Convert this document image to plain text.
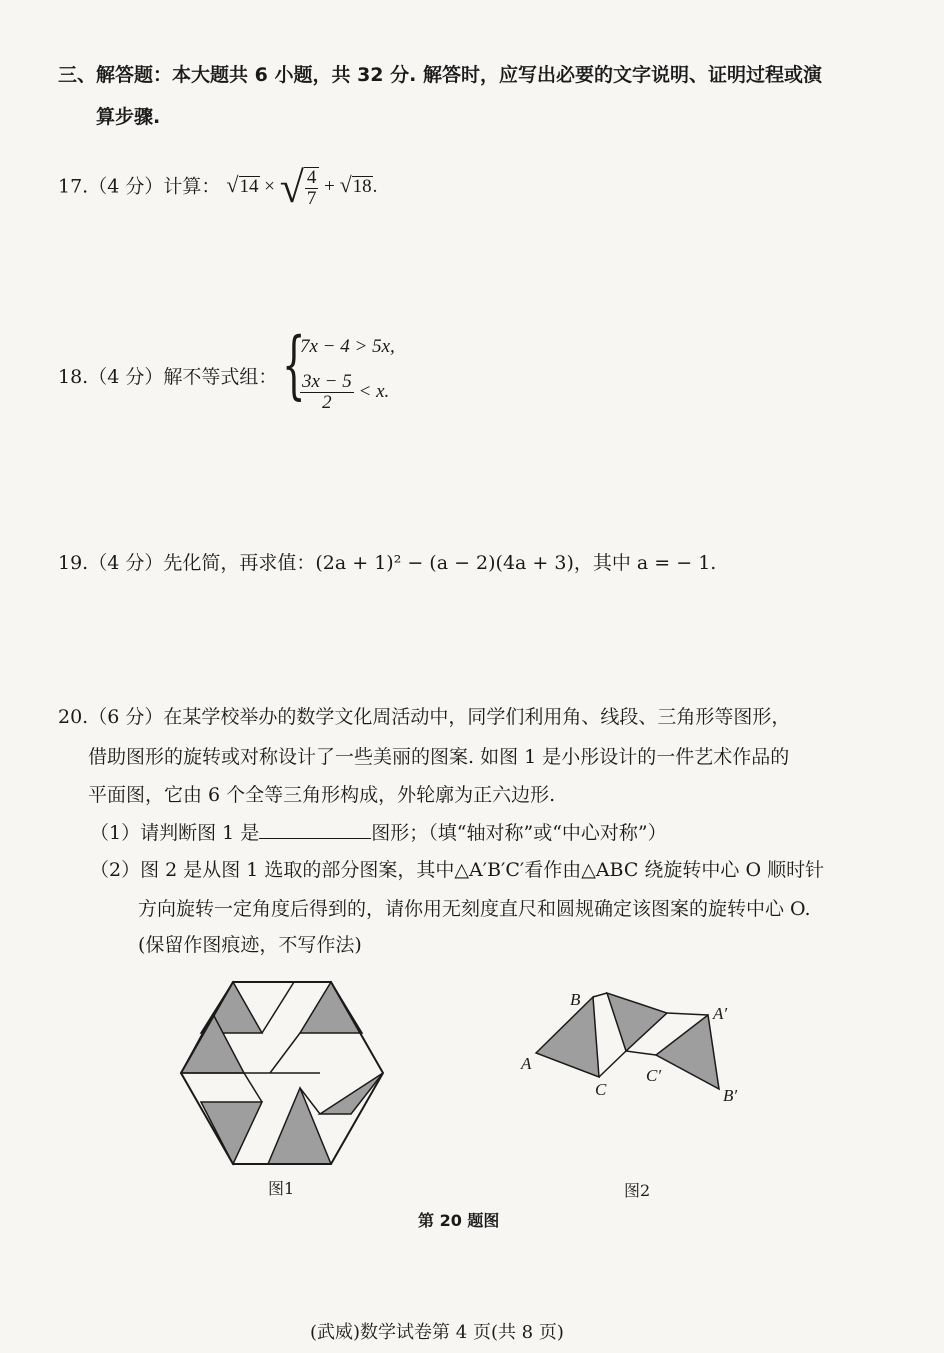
三、解答题：本大题共 6 小题，共 32 分. 解答时，应写出必要的文字说明、证明过程或演
算步骤.
17.（4 分）计算： √14 × √ $\frac{4}{7} + √18$.
18.（4 分）解不等式组： {
7x − 4 > 5x,
$\frac{3x - 5}{2} < x$.
19.（4 分）先化简，再求值：(2a + 1)² − (a − 2)(4a + 3)，其中 a = − 1.
20.（6 分）在某学校举办的数学文化周活动中，同学们利用角、线段、三角形等图形，
借助图形的旋转或对称设计了一些美丽的图案. 如图 1 是小彤设计的一件艺术作品的
平面图，它由 6 个全等三角形构成，外轮廓为正六边形.
（1）请判断图 1 是	图形；（填“轴对称”或“中心对称”）
（2）图 2 是从图 1 选取的部分图案，其中△A′B′C′看作由△ABC 绕旋转中心 O 顺时针
方向旋转一定角度后得到的，请你用无刻度直尺和圆规确定该图案的旋转中心 O.
(保留作图痕迹，不写作法)
图1
A
B
C
A′
B′
C′
图2
第 20 题图
(武威)数学试卷第 4 页(共 8 页)
